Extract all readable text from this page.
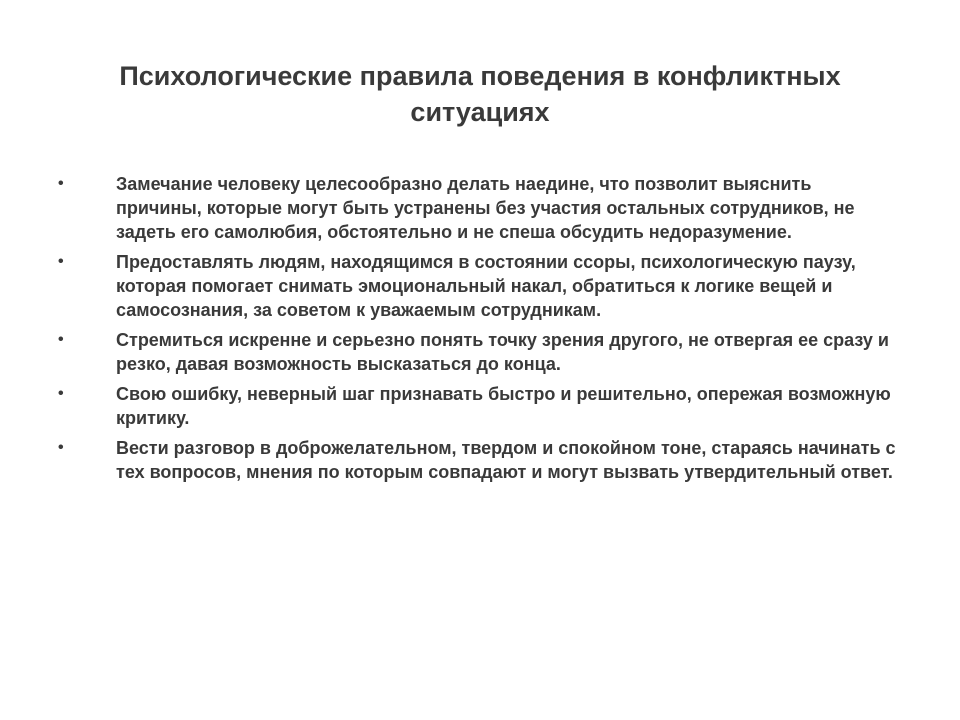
Психологические правила поведения в конфликтных ситуациях
•	Замечание человеку целесообразно делать наедине, что позволит выяснить причины, которые могут быть устранены без участия остальных сотрудников, не задеть его самолюбия, обстоятельно и не спеша обсудить недоразумение.
•	Предоставлять людям, находящимся в состоянии ссоры, психологическую паузу, которая помогает снимать эмоциональный накал, обратиться к логике вещей и самосознания, за советом к уважаемым сотрудникам.
•	Стремиться искренне и серьезно понять точку зрения другого, не отвергая ее сразу и резко, давая возможность высказаться до конца.
•	Свою ошибку, неверный шаг признавать быстро и решительно, опережая возможную критику.
•	Вести разговор в доброжелательном, твердом и спокойном тоне, стараясь начинать с тех вопросов, мнения по которым совпадают и могут вызвать утвердительный ответ.
